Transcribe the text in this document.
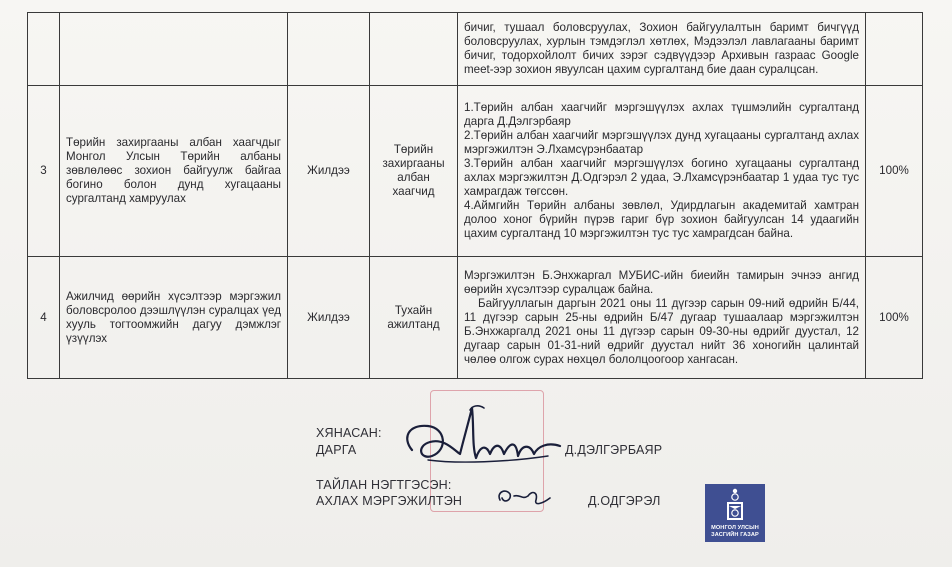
				бичиг, тушаал боловсруулах, Зохион байгуулалтын баримт бичгүүд боловсруулах, хурлын тэмдэглэл хөтлөх, Мэдээлэл лавлагааны баримт бичиг, тодорхойлолт бичих зэрэг сэдвүүдээр Архивын газраас Google meet-ээр зохион явуулсан цахим сургалтанд бие даан суралцсан.	

3	Төрийн захиргааны албан хаагчдыг Монгол Улсын Төрийн албаны зөвлөлөөс зохион байгуулж байгаа богино болон дунд хугацааны сургалтанд хамруулах	Жилдээ	Төрийн захиргааны албан хаагчид	1.Төрийн албан хаагчийг мэргэшүүлэх ахлах түшмэлийн сургалтанд дарга Д.Дэлгэрбаяр

2.Төрийн албан хаагчийг мэргэшүүлэх дунд хугацааны сургалтанд ахлах мэргэжилтэн Э.Лхамсүрэнбаатар

3.Төрийн албан хаагчийг мэргэшүүлэх богино хугацааны сургалтанд ахлах мэргэжилтэн Д.Одгэрэл 2 удаа, Э.Лхамсүрэнбаатар 1 удаа тус тус хамрагдаж төгссөн.

4.Аймгийн Төрийн албаны зөвлөл, Удирдлагын академитай хамтран долоо хоног бүрийн пүрэв гариг бүр зохион байгуулсан 14 удаагийн цахим сургалтанд 10 мэргэжилтэн тус тус хамрагдсан байна.	100%
4	Ажилчид өөрийн хүсэлтээр мэргэжил боловсролоо дээшлүүлэн суралцах үед хууль тогтоомжийн дагуу дэмжлэг үзүүлэх	Жилдээ	Тухайн ажилтанд	Мэргэжилтэн Б.Энхжаргал МУБИС-ийн биеийн тамирын эчнээ ангид өөрийн хүсэлтээр суралцаж байна.

Байгууллагын даргын 2021 оны 11 дүгээр сарын 09-ний өдрийн Б/44, 11 дүгээр сарын 25-ны өдрийн Б/47 дугаар тушаалаар мэргэжилтэн Б.Энхжаргалд 2021 оны 11 дүгээр сарын 09-30-ны өдрийг дуустал, 12 дугаар сарын 01-31-ний өдрийг дуустал нийт 36 хоногийн цалинтай чөлөө олгож сурах нөхцөл бололцоогоор хангасан.	100%
ХЯНАСАН:
ДАРГА	Д.ДЭЛГЭРБАЯР
ТАЙЛАН НЭГТГЭСЭН:
АХЛАХ МЭРГЭЖИЛТЭН	Д.ОДГЭРЭЛ
МОНГОЛ УЛСЫН
ЗАСГИЙН ГАЗАР
